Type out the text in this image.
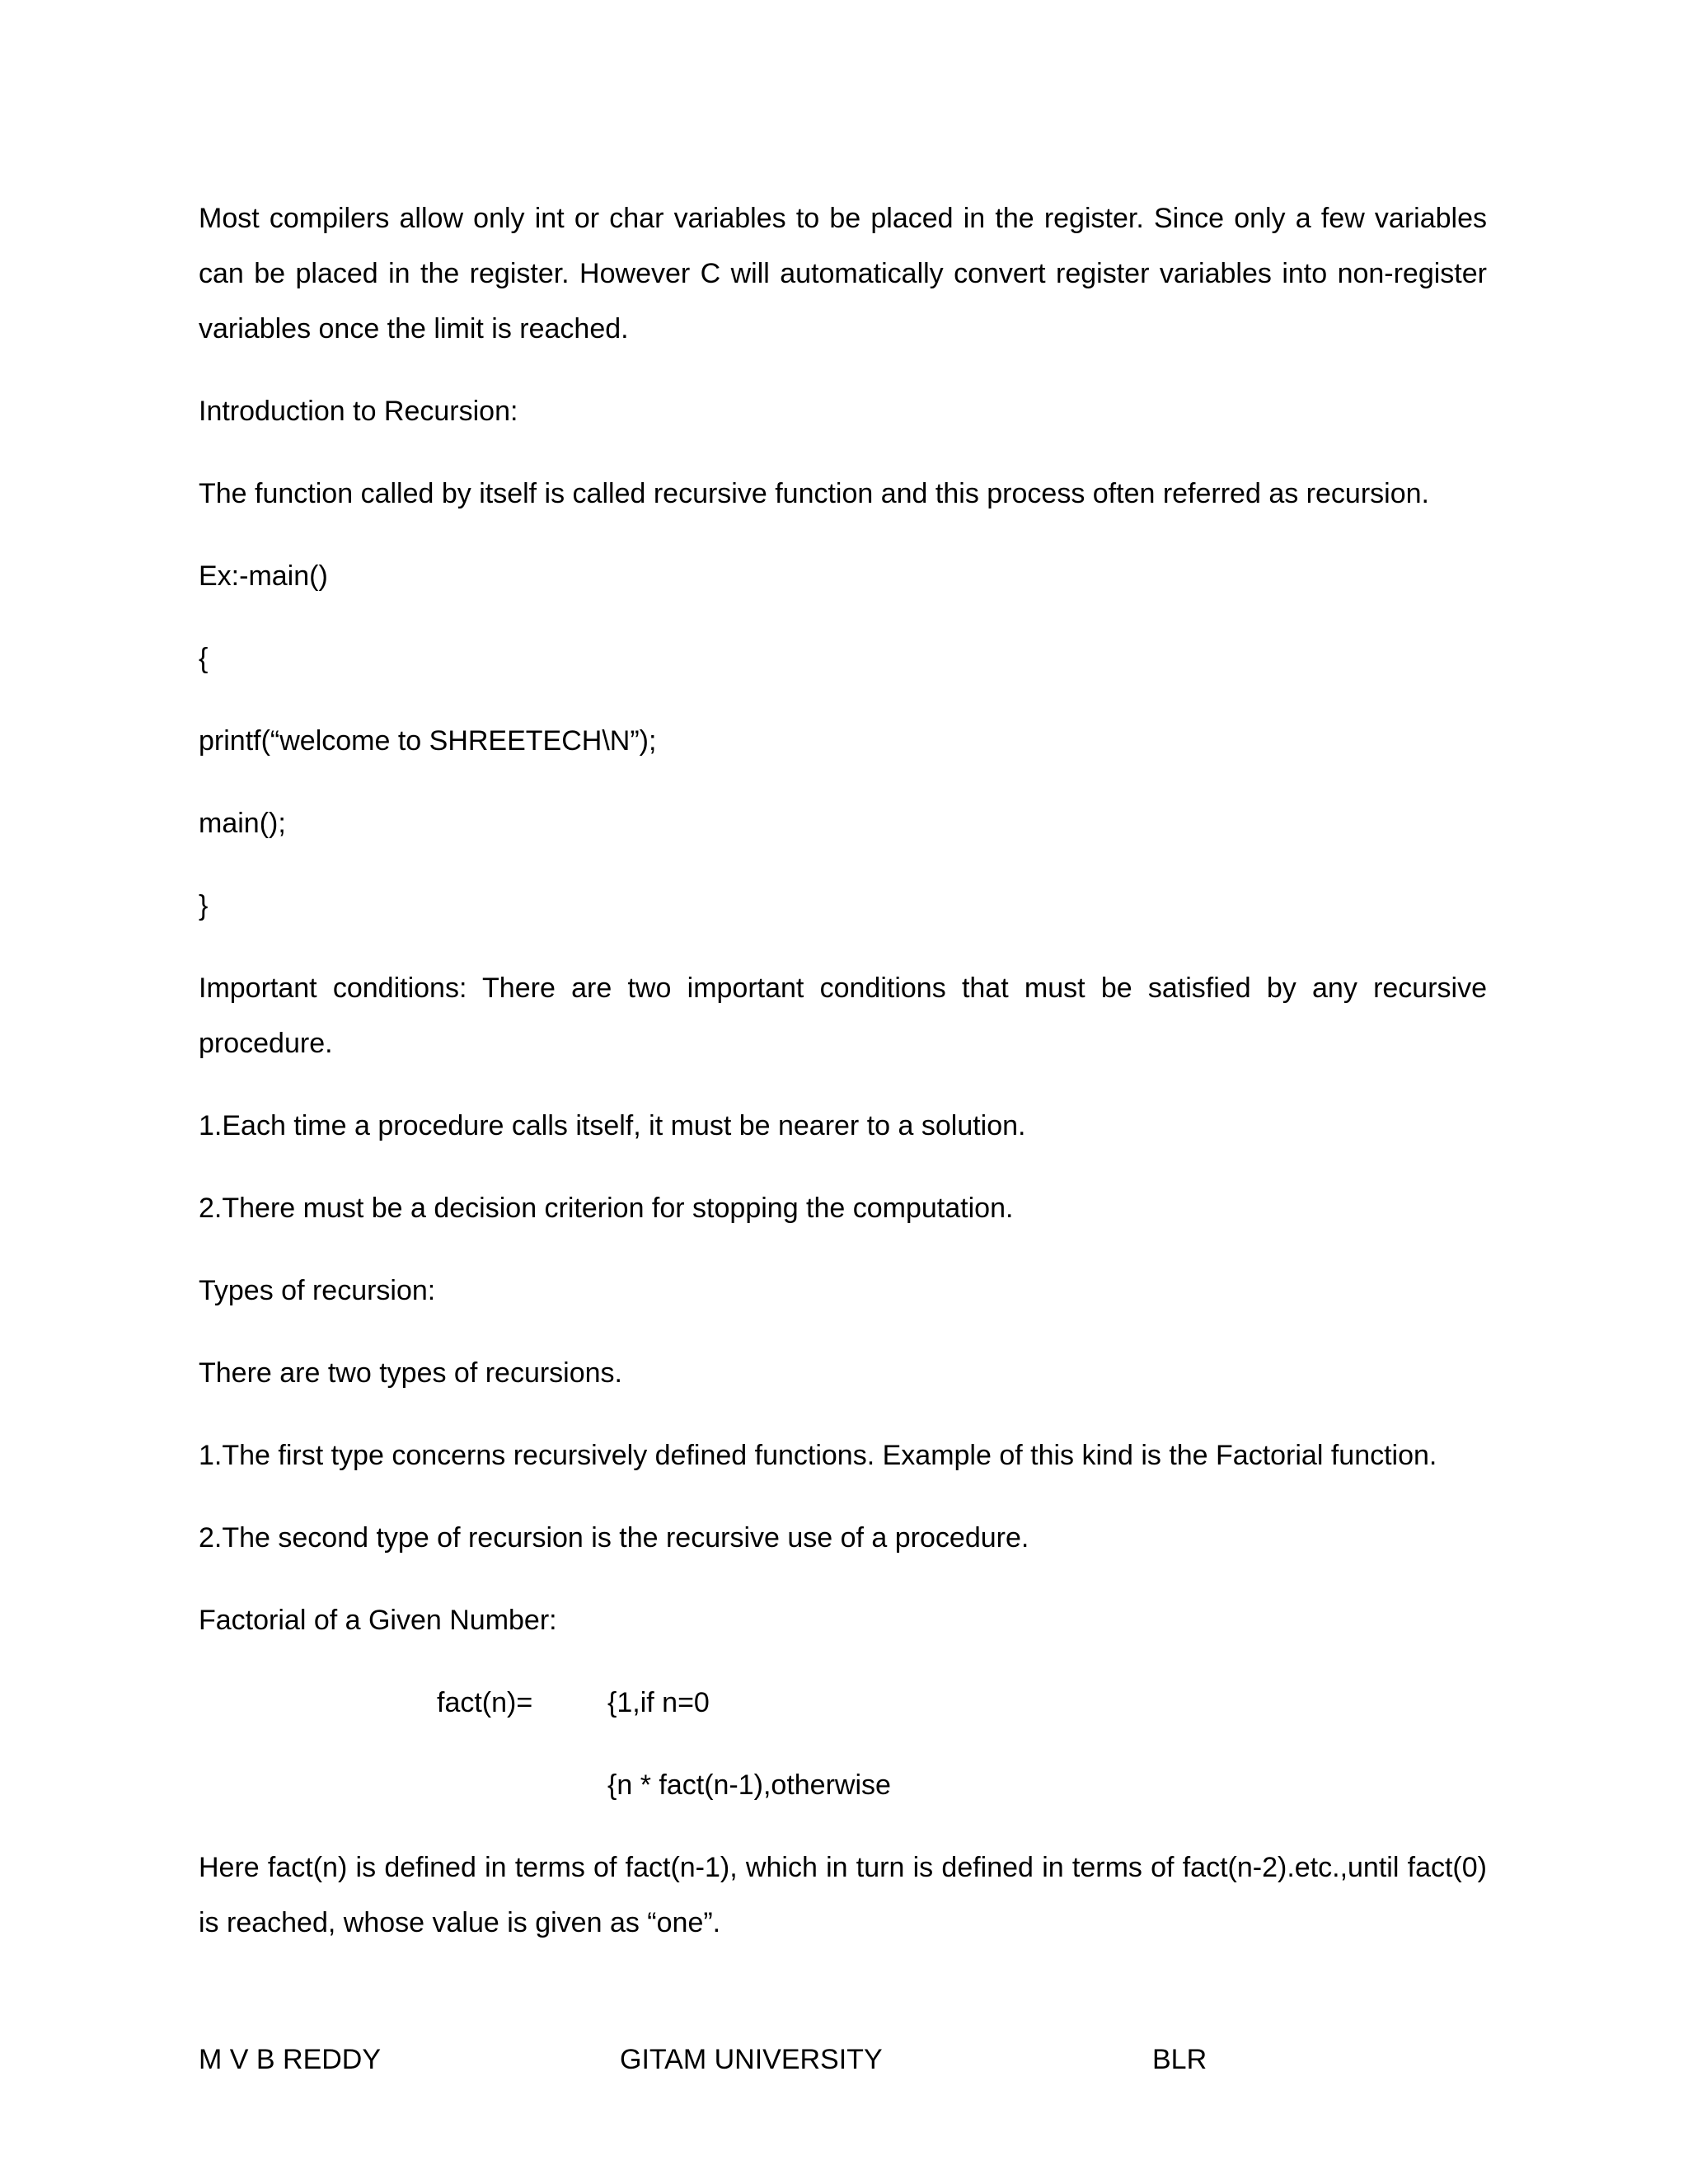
Most compilers allow only int or char variables to be placed in the register. Since only a few variables can be placed in the register. However C will automatically convert register variables into non-register variables once the limit is reached.

Introduction to Recursion:

The function called by itself is called recursive function and this process often referred as recursion.

Ex:-main()

{

printf(“welcome to SHREETECH\N”);

main();

}

Important conditions: There are two important conditions that must be satisfied by any recursive procedure.

1.Each time a procedure calls itself, it must be nearer to a solution.

2.There must be a decision criterion for stopping the computation.

Types of recursion:

There are two types of recursions.

1.The first type concerns recursively defined functions. Example of this kind is the Factorial function.

2.The second type of recursion is the recursive use of a procedure.

Factorial of a Given Number:

fact(n)=	{1,if n=0
{n * fact(n-1),otherwise

Here fact(n) is defined in terms of fact(n-1), which in turn is defined in terms of fact(n-2).etc.,until fact(0) is reached, whose value is given as “one”.

M V B REDDY	GITAM UNIVERSITY	BLR
